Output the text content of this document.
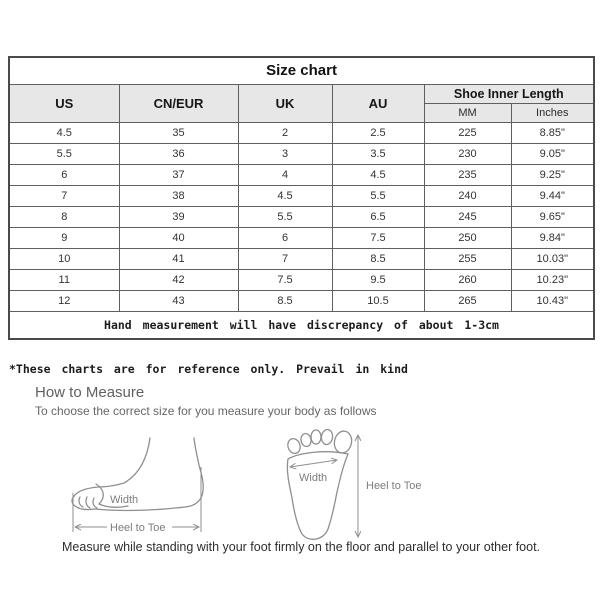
Size chart					
US	CN/EUR	UK	AU	Shoe Inner Length	
				MM	Inches
4.5	35	2	2.5	225	8.85"
5.5	36	3	3.5	230	9.05"
6	37	4	4.5	235	9.25"
7	38	4.5	5.5	240	9.44"
8	39	5.5	6.5	245	9.65"
9	40	6	7.5	250	9.84"
10	41	7	8.5	255	10.03"
11	42	7.5	9.5	260	10.23"
12	43	8.5	10.5	265	10.43"
Hand measurement will have discrepancy of about 1-3cm					
*These charts are for reference only. Prevail in kind
How to Measure
To choose the correct size for you measure your body as follows
Width
Heel to Toe
Width
Heel to Toe
Measure while standing with your foot firmly on the floor and parallel to your other foot.
